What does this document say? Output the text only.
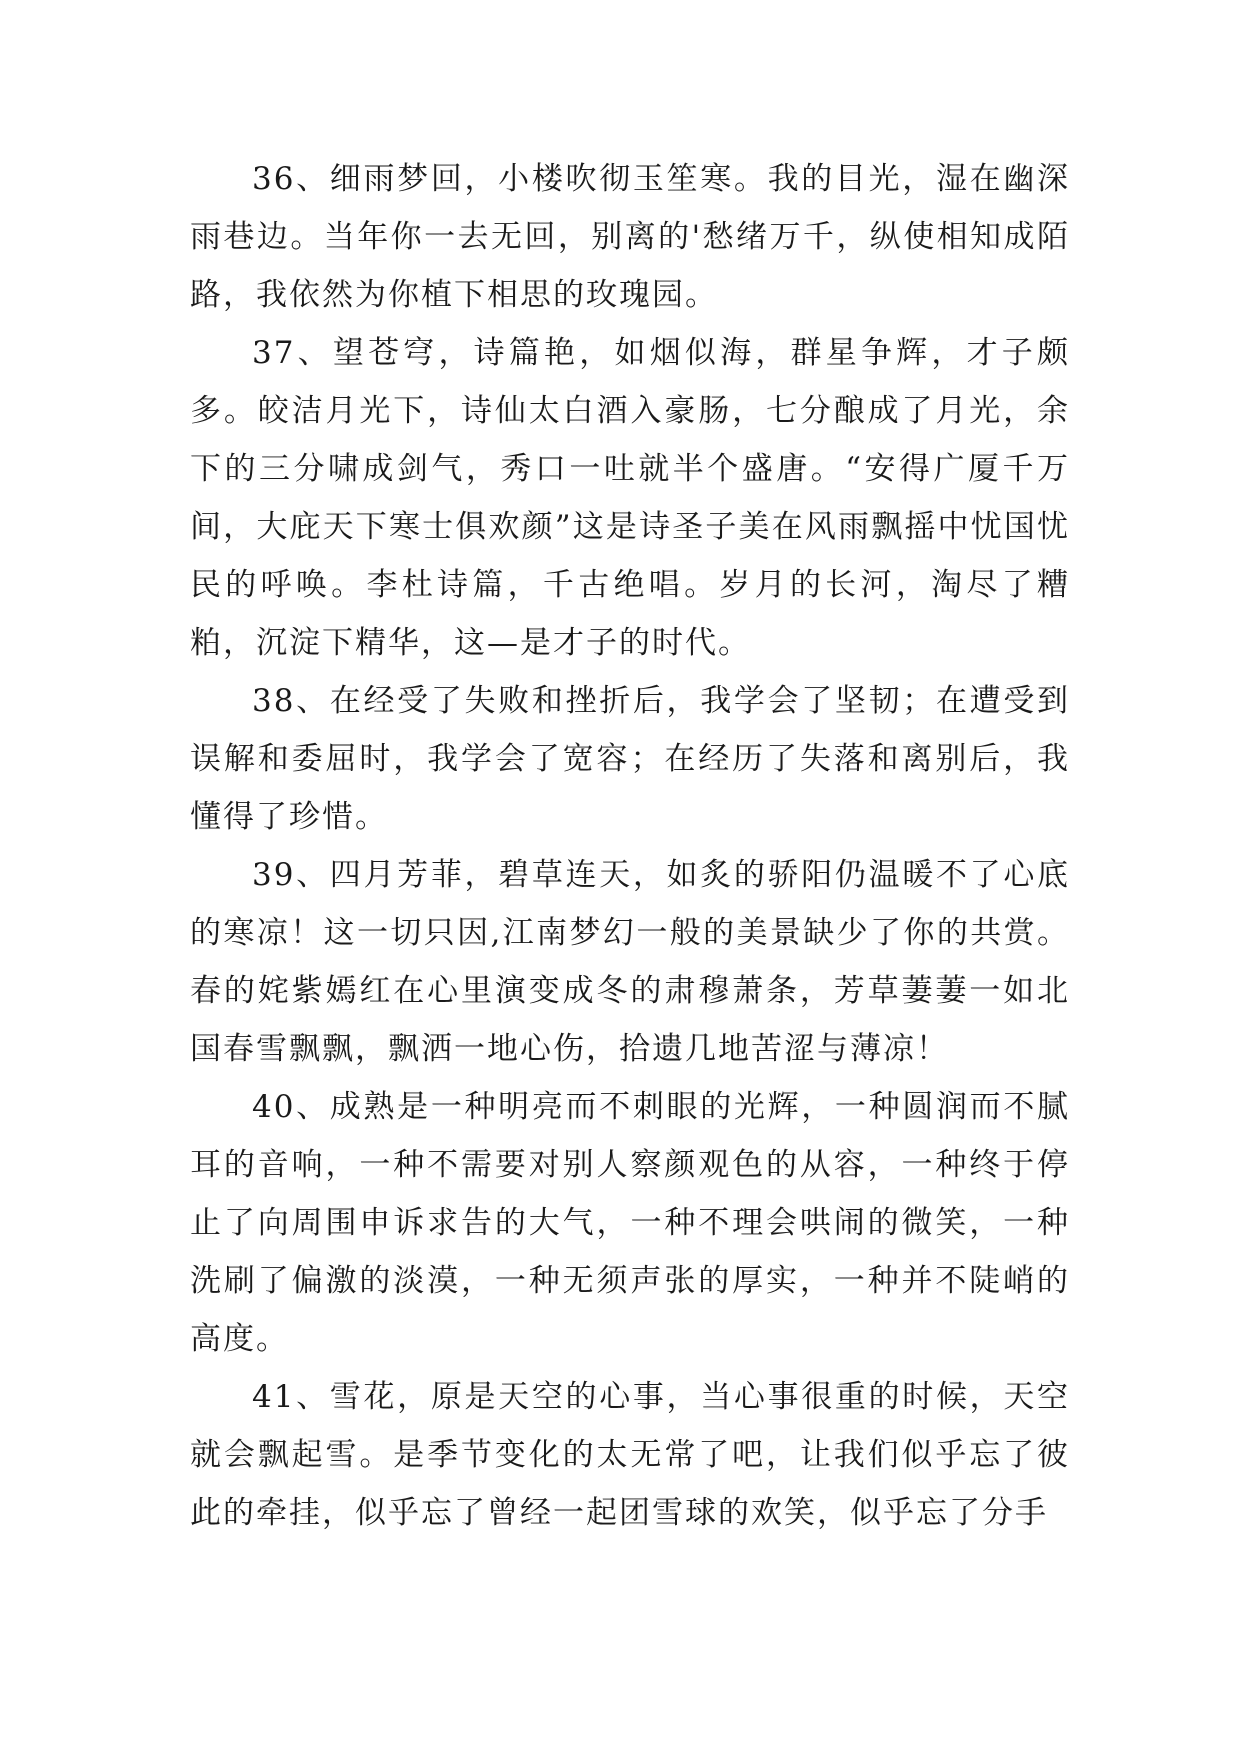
36、细雨梦回，小楼吹彻玉笙寒。我的目光，湿在幽深雨巷边。当年你一去无回，别离的'愁绪万千，纵使相知成陌路，我依然为你植下相思的玫瑰园。

37、望苍穹，诗篇艳，如烟似海，群星争辉，才子颇多。皎洁月光下，诗仙太白酒入豪肠，七分酿成了月光，余下的三分啸成剑气，秀口一吐就半个盛唐。“安得广厦千万间，大庇天下寒士俱欢颜”这是诗圣子美在风雨飘摇中忧国忧民的呼唤。李杜诗篇，千古绝唱。岁月的长河，淘尽了糟粕，沉淀下精华，这—是才子的时代。

38、在经受了失败和挫折后，我学会了坚韧；在遭受到误解和委屈时，我学会了宽容；在经历了失落和离别后，我懂得了珍惜。

39、四月芳菲，碧草连天，如炙的骄阳仍温暖不了心底的寒凉！这一切只因,江南梦幻一般的美景缺少了你的共赏。春的姹紫嫣红在心里演变成冬的肃穆萧条，芳草萋萋一如北国春雪飘飘，飘洒一地心伤，拾遗几地苦涩与薄凉！

40、成熟是一种明亮而不刺眼的光辉，一种圆润而不腻耳的音响，一种不需要对别人察颜观色的从容，一种终于停止了向周围申诉求告的大气，一种不理会哄闹的微笑，一种洗刷了偏激的淡漠，一种无须声张的厚实，一种并不陡峭的高度。

41、雪花，原是天空的心事，当心事很重的时候，天空就会飘起雪。是季节变化的太无常了吧，让我们似乎忘了彼此的牵挂，似乎忘了曾经一起团雪球的欢笑，似乎忘了分手
